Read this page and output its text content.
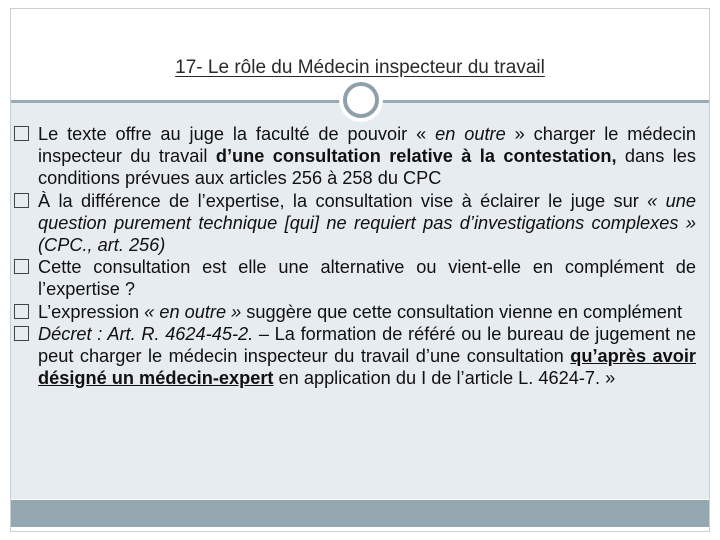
17- Le rôle du Médecin inspecteur du travail
Le texte offre au juge la faculté de pouvoir « en outre » charger le médecin inspecteur du travail d’une consultation relative à la contestation, dans les conditions prévues aux articles 256 à 258 du CPC
À la différence de l’expertise, la consultation vise à éclairer le juge sur « une question purement technique [qui] ne requiert pas d’investigations complexes » (CPC., art. 256)
Cette consultation est elle une alternative ou vient-elle en complément de l’expertise ?
L’expression « en outre » suggère que cette consultation vienne en complément
Décret : Art. R. 4624-45-2. – La formation de référé ou le bureau de jugement ne peut charger le médecin inspecteur du travail d’une consultation qu’après avoir désigné un médecin-expert en application du I de l’article L. 4624-7. »
